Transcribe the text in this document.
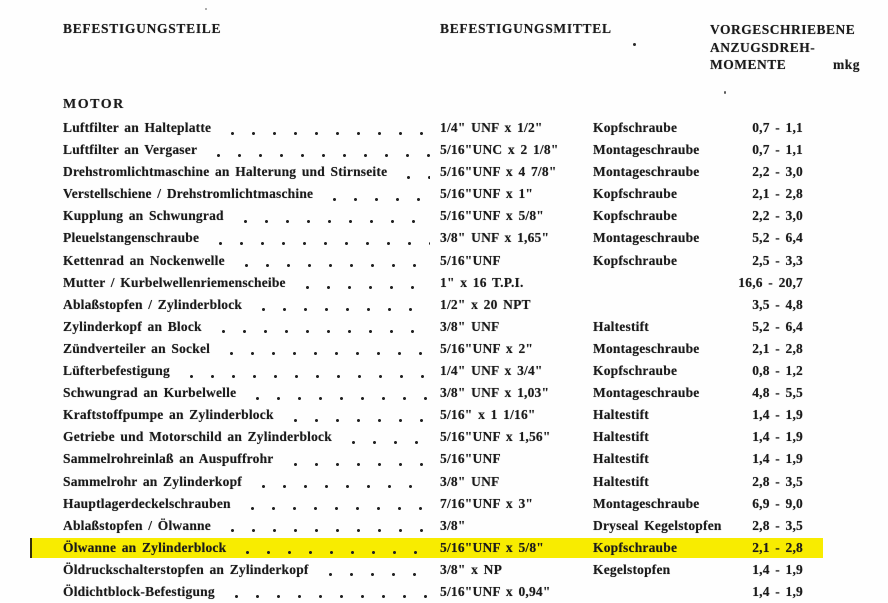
BEFESTIGUNGSTEILE	BEFESTIGUNGSMITTEL	VORGESCHRIEBENE
ANZUGSDREH-
MOMENTE	mkg
MOTOR
Luftfilter an Halteplatte	1/4" UNF x 1/2"	Kopfschraube	0,7 - 1,1
Luftfilter an Vergaser	5/16"UNC x 2 1/8"	Montageschraube	0,7 - 1,1
Drehstromlichtmaschine an Halterung und Stirnseite	5/16"UNF x 4 7/8"	Montageschraube	2,2 - 3,0
Verstellschiene / Drehstromlichtmaschine	5/16"UNF x 1"	Kopfschraube	2,1 - 2,8
Kupplung an Schwungrad	5/16"UNF x 5/8"	Kopfschraube	2,2 - 3,0
Pleuelstangenschraube	3/8" UNF x 1,65"	Montageschraube	5,2 - 6,4
Kettenrad an Nockenwelle	5/16"UNF	Kopfschraube	2,5 - 3,3
Mutter / Kurbelwellenriemenscheibe	1" x 16 T.P.I.	16,6 - 20,7
Ablaßstopfen / Zylinderblock	1/2" x 20 NPT	3,5 - 4,8
Zylinderkopf an Block	3/8" UNF	Haltestift	5,2 - 6,4
Zündverteiler an Sockel	5/16"UNF x 2"	Montageschraube	2,1 - 2,8
Lüfterbefestigung	1/4" UNF x 3/4"	Kopfschraube	0,8 - 1,2
Schwungrad an Kurbelwelle	3/8" UNF x 1,03"	Montageschraube	4,8 - 5,5
Kraftstoffpumpe an Zylinderblock	5/16" x 1 1/16"	Haltestift	1,4 - 1,9
Getriebe und Motorschild an Zylinderblock	5/16"UNF x 1,56"	Haltestift	1,4 - 1,9
Sammelrohreinlaß an Auspuffrohr	5/16"UNF	Haltestift	1,4 - 1,9
Sammelrohr an Zylinderkopf	3/8" UNF	Haltestift	2,8 - 3,5
Hauptlagerdeckelschrauben	7/16"UNF x 3"	Montageschraube	6,9 - 9,0
Ablaßstopfen / Ölwanne	3/8"	Dryseal Kegelstopfen	2,8 - 3,5
Ölwanne an Zylinderblock	5/16"UNF x 5/8"	Kopfschraube	2,1 - 2,8
Öldruckschalterstopfen an Zylinderkopf	3/8" x NP	Kegelstopfen	1,4 - 1,9
Öldichtblock-Befestigung	5/16"UNF x 0,94"	1,4 - 1,9
